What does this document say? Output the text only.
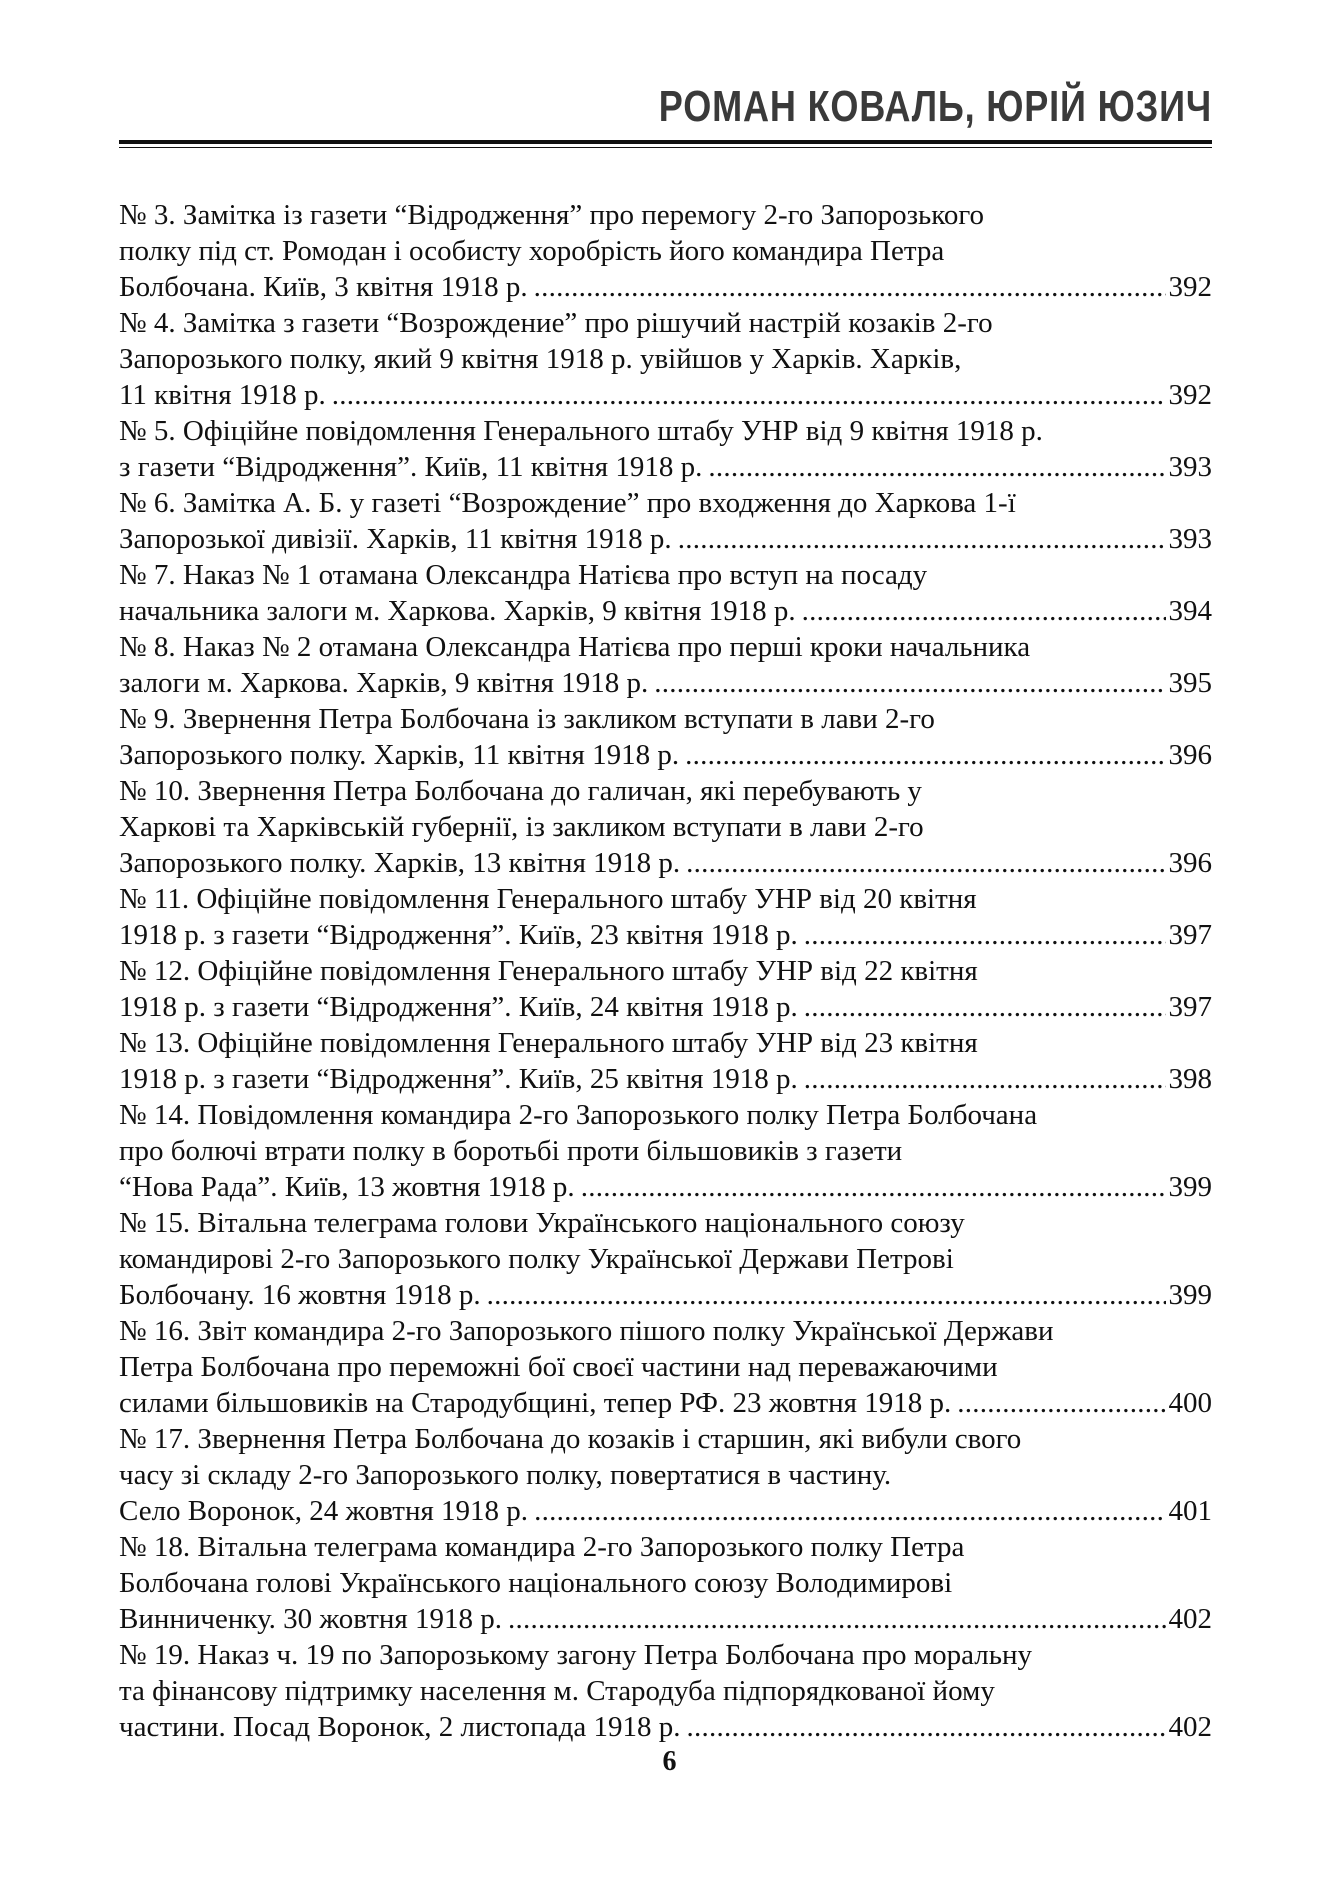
РОМАН КОВАЛЬ, ЮРІЙ ЮЗИЧ
№ 3. Замітка із газети “Відродження” про перемогу 2-го Запорозького
полку під ст. Ромодан і особисту хоробрість його командира Петра
Болбочана. Київ, 3 квітня 1918 р. . . .	392
№ 4. Замітка з газети “Возрождение” про рішучий настрій козаків 2-го
Запорозького полку, який 9 квітня 1918 р. увійшов у Харків. Харків,
11 квітня 1918 р. . . .	392
№ 5. Офіційне повідомлення Генерального штабу УНР від 9 квітня 1918 р.
з газети “Відродження”. Київ, 11 квітня 1918 р. . . .	393
№ 6. Замітка А. Б. у газеті “Возрождение” про входження до Харкова 1-ї
Запорозької дивізії. Харків, 11 квітня 1918 р. . . .	393
№ 7. Наказ № 1 отамана Олександра Натієва про вступ на посаду
начальника залоги м. Харкова. Харків, 9 квітня 1918 р. . . .	394
№ 8. Наказ № 2 отамана Олександра Натієва про перші кроки начальника
залоги м. Харкова. Харків, 9 квітня 1918 р. . . .	395
№ 9. Звернення Петра Болбочана із закликом вступати в лави 2-го
Запорозького полку. Харків, 11 квітня 1918 р. . . .	396
№ 10. Звернення Петра Болбочана до галичан, які перебувають у
Харкові та Харківській губернії, із закликом вступати в лави 2-го
Запорозького полку. Харків, 13 квітня 1918 р. . . .	396
№ 11. Офіційне повідомлення Генерального штабу УНР від 20 квітня
1918 р. з газети “Відродження”. Київ, 23 квітня 1918 р. . . .	397
№ 12. Офіційне повідомлення Генерального штабу УНР від 22 квітня
1918 р. з газети “Відродження”. Київ, 24 квітня 1918 р. . . .	397
№ 13. Офіційне повідомлення Генерального штабу УНР від 23 квітня
1918 р. з газети “Відродження”. Київ, 25 квітня 1918 р. . . .	398
№ 14. Повідомлення командира 2-го Запорозького полку Петра Болбочана
про болючі втрати полку в боротьбі проти більшовиків з газети
“Нова Рада”. Київ, 13 жовтня 1918 р. . . .	399
№ 15. Вітальна телеграма голови Українського національного союзу
командирові 2-го Запорозького полку Української Держави Петрові
Болбочану. 16 жовтня 1918 р. . . .	399
№ 16. Звіт командира 2-го Запорозького пішого полку Української Держави
Петра Болбочана про переможні бої своєї частини над переважаючими
силами більшовиків на Стародубщині, тепер РФ. 23 жовтня 1918 р. . . .	400
№ 17. Звернення Петра Болбочана до козаків і старшин, які вибули свого
часу зі складу 2-го Запорозького полку, повертатися в частину.
Село Воронок, 24 жовтня 1918 р. . . .	401
№ 18. Вітальна телеграма командира 2-го Запорозького полку Петра
Болбочана голові Українського національного союзу Володимирові
Винниченку. 30 жовтня 1918 р. . . .	402
№ 19. Наказ ч. 19 по Запорозькому загону Петра Болбочана про моральну
та фінансову підтримку населення м. Стародуба підпорядкованої йому
частини. Посад Воронок, 2 листопада 1918 р. . . .	402
6
